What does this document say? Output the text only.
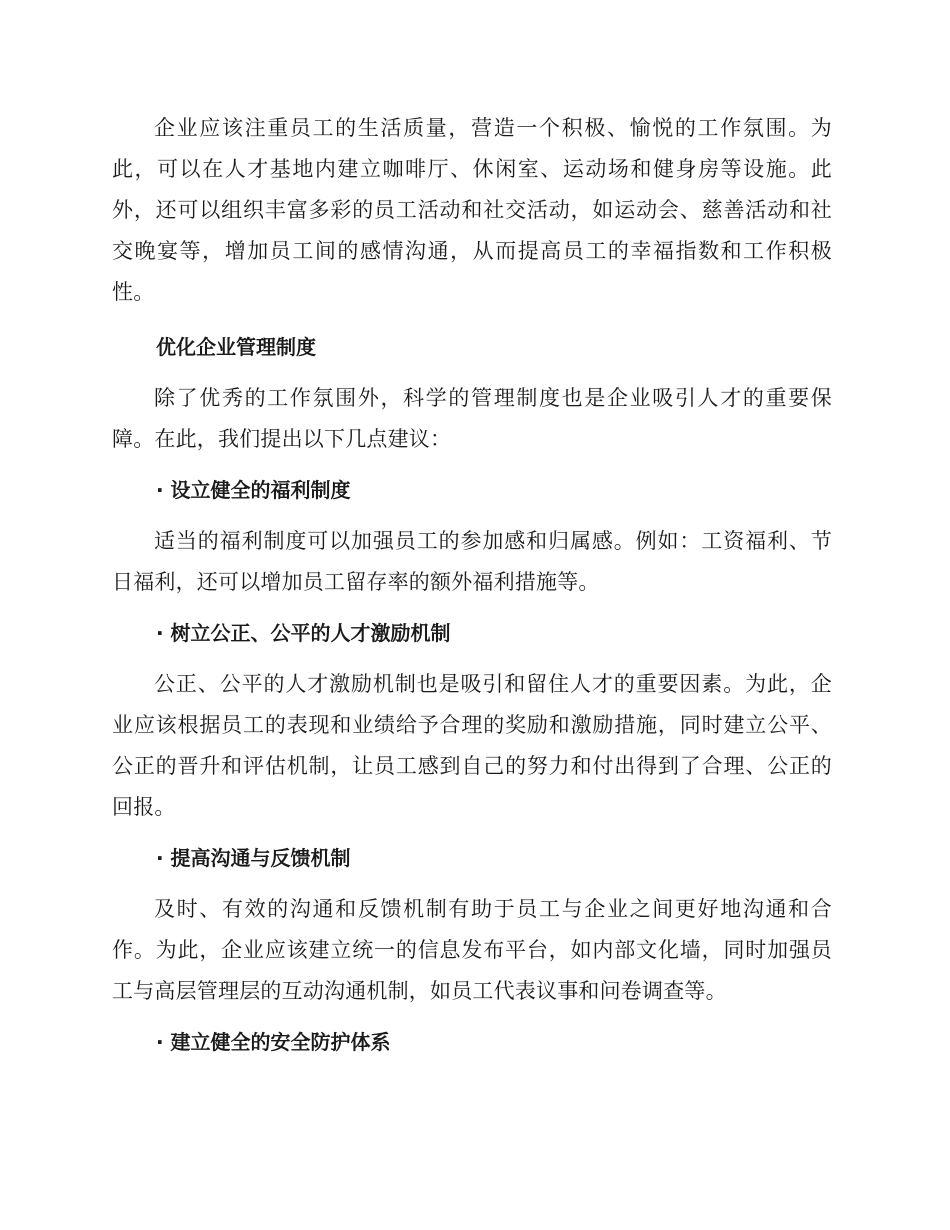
企业应该注重员工的生活质量，营造一个积极、愉悦的工作氛围。为此，可以在人才基地内建立咖啡厅、休闲室、运动场和健身房等设施。此外，还可以组织丰富多彩的员工活动和社交活动，如运动会、慈善活动和社交晚宴等，增加员工间的感情沟通，从而提高员工的幸福指数和工作积极性。

优化企业管理制度

除了优秀的工作氛围外，科学的管理制度也是企业吸引人才的重要保障。在此，我们提出以下几点建议：

· 设立健全的福利制度

适当的福利制度可以加强员工的参加感和归属感。例如：工资福利、节日福利，还可以增加员工留存率的额外福利措施等。

· 树立公正、公平的人才激励机制

公正、公平的人才激励机制也是吸引和留住人才的重要因素。为此，企业应该根据员工的表现和业绩给予合理的奖励和激励措施，同时建立公平、公正的晋升和评估机制，让员工感到自己的努力和付出得到了合理、公正的回报。

· 提高沟通与反馈机制

及时、有效的沟通和反馈机制有助于员工与企业之间更好地沟通和合作。为此，企业应该建立统一的信息发布平台，如内部文化墙，同时加强员工与高层管理层的互动沟通机制，如员工代表议事和问卷调查等。

· 建立健全的安全防护体系
